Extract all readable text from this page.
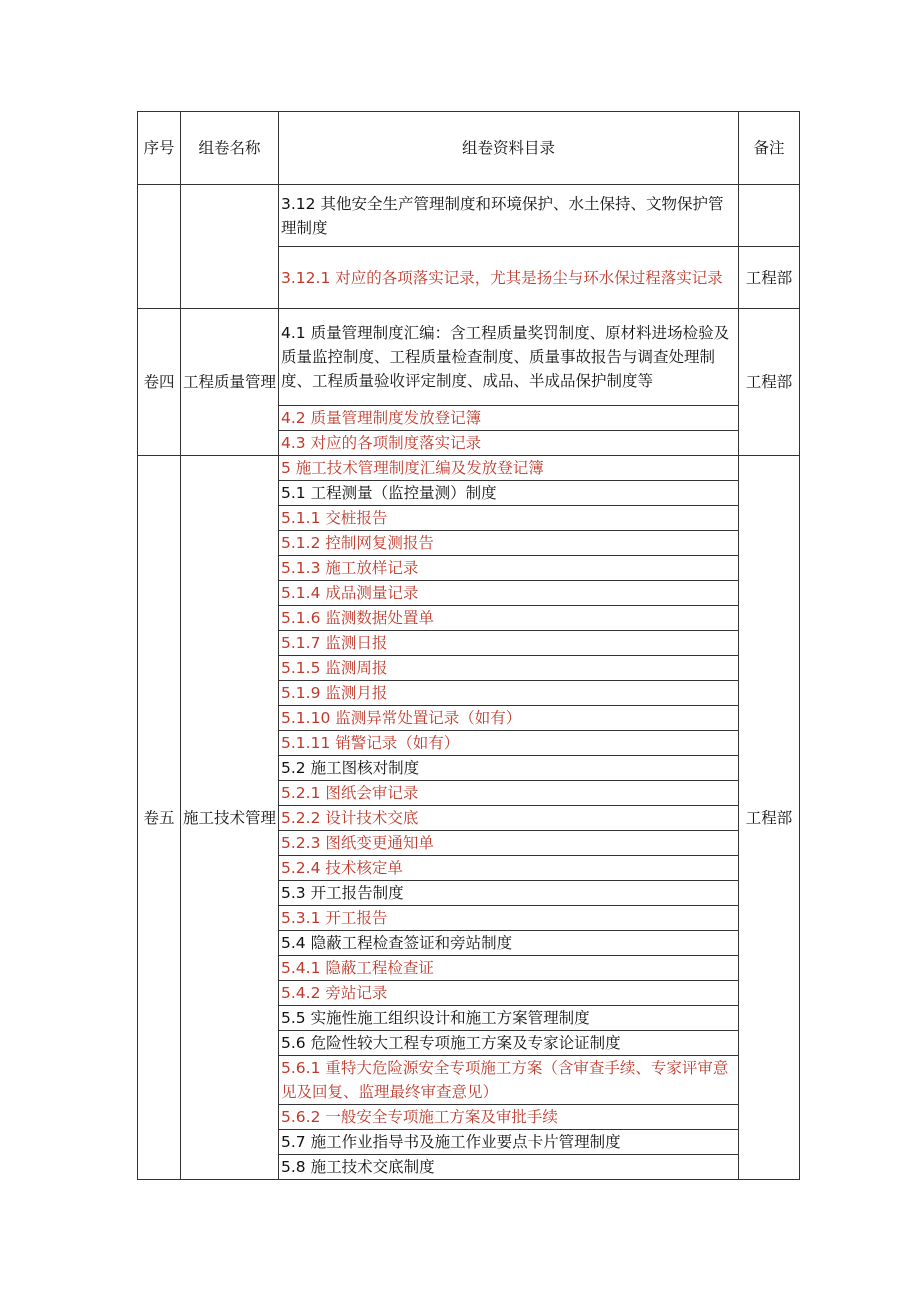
序号	组卷名称	组卷资料目录	备注
		3.12 其他安全生产管理制度和环境保护、水土保持、文物保护管理制度	
		3.12.1 对应的各项落实记录，尤其是扬尘与环水保过程落实记录	工程部
卷四	工程质量管理	4.1 质量管理制度汇编：含工程质量奖罚制度、原材料进场检验及质量监控制度、工程质量检查制度、质量事故报告与调查处理制度、工程质量验收评定制度、成品、半成品保护制度等	工程部
		4.2 质量管理制度发放登记簿	
		4.3 对应的各项制度落实记录	
卷五	施工技术管理	5 施工技术管理制度汇编及发放登记簿	工程部
		5.1 工程测量（监控量测）制度	
		5.1.1 交桩报告	
		5.1.2 控制网复测报告	
		5.1.3 施工放样记录	
		5.1.4 成品测量记录	
		5.1.6 监测数据处置单	
		5.1.7 监测日报	
		5.1.5 监测周报	
		5.1.9 监测月报	
		5.1.10 监测异常处置记录（如有）	
		5.1.11 销警记录（如有）	
		5.2 施工图核对制度	
		5.2.1 图纸会审记录	
		5.2.2 设计技术交底	
		5.2.3 图纸变更通知单	
		5.2.4 技术核定单	
		5.3 开工报告制度	
		5.3.1 开工报告	
		5.4 隐蔽工程检查签证和旁站制度	
		5.4.1 隐蔽工程检查证	
		5.4.2 旁站记录	
		5.5 实施性施工组织设计和施工方案管理制度	
		5.6 危险性较大工程专项施工方案及专家论证制度	
		5.6.1 重特大危险源安全专项施工方案（含审查手续、专家评审意见及回复、监理最终审查意见）	
		5.6.2 一般安全专项施工方案及审批手续	
		5.7 施工作业指导书及施工作业要点卡片管理制度	
		5.8 施工技术交底制度	
